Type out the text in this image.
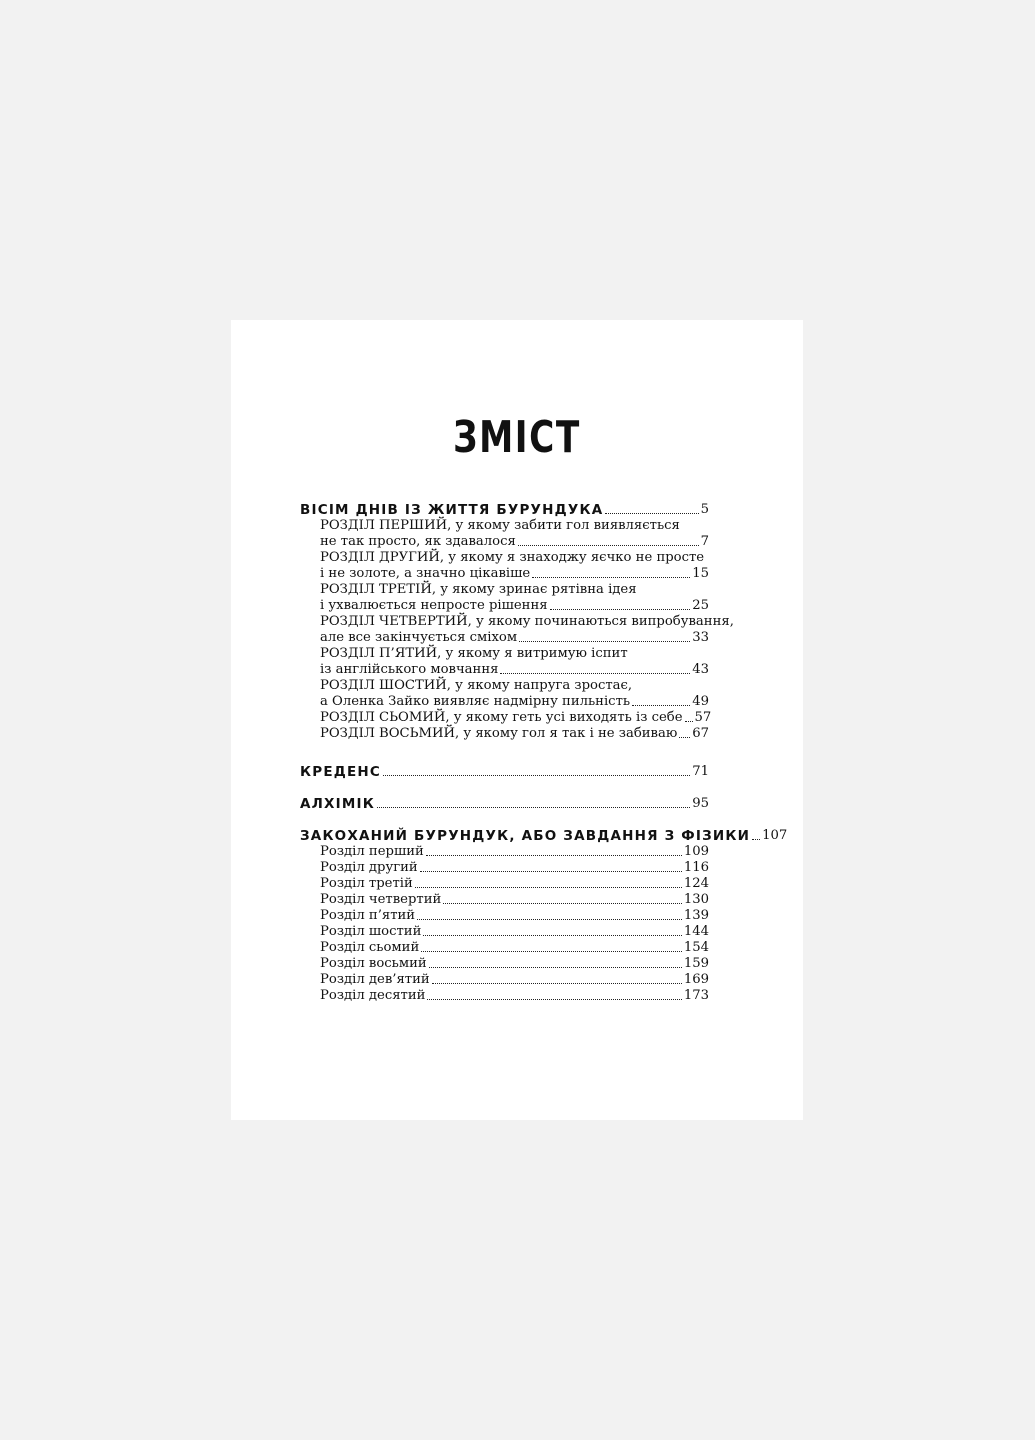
ЗМІСТ
ВІСІМ ДНІВ ІЗ ЖИТТЯ БУРУНДУКА	5
РОЗДІЛ ПЕРШИЙ, у якому забити гол виявляється
не так просто, як здавалося	7
РОЗДІЛ ДРУГИЙ, у якому я знаходжу яєчко не просте
і не золоте, а значно цікавіше	15
РОЗДІЛ ТРЕТІЙ, у якому зринає рятівна ідея
і ухвалюється непросте рішення	25
РОЗДІЛ ЧЕТВЕРТИЙ, у якому починаються випробування,
але все закінчується сміхом	33
РОЗДІЛ П’ЯТИЙ, у якому я витримую іспит
із англійського мовчання	43
РОЗДІЛ ШОСТИЙ, у якому напруга зростає,
а Оленка Зайко виявляє надмірну пильність	49
РОЗДІЛ СЬОМИЙ, у якому геть усі виходять із себе 57
РОЗДІЛ ВОСЬМИЙ, у якому гол я так і не забиваю 67
КРЕДЕНС	71
АЛХІМІК	95
ЗАКОХАНИЙ БУРУНДУК, АБО ЗАВДАННЯ З ФІЗИКИ 107
Розділ перший	109
Розділ другий	116
Розділ третій	124
Розділ четвертий	130
Розділ п’ятий	139
Розділ шостий	144
Розділ сьомий	154
Розділ восьмий	159
Розділ дев’ятий	169
Розділ десятий	173
